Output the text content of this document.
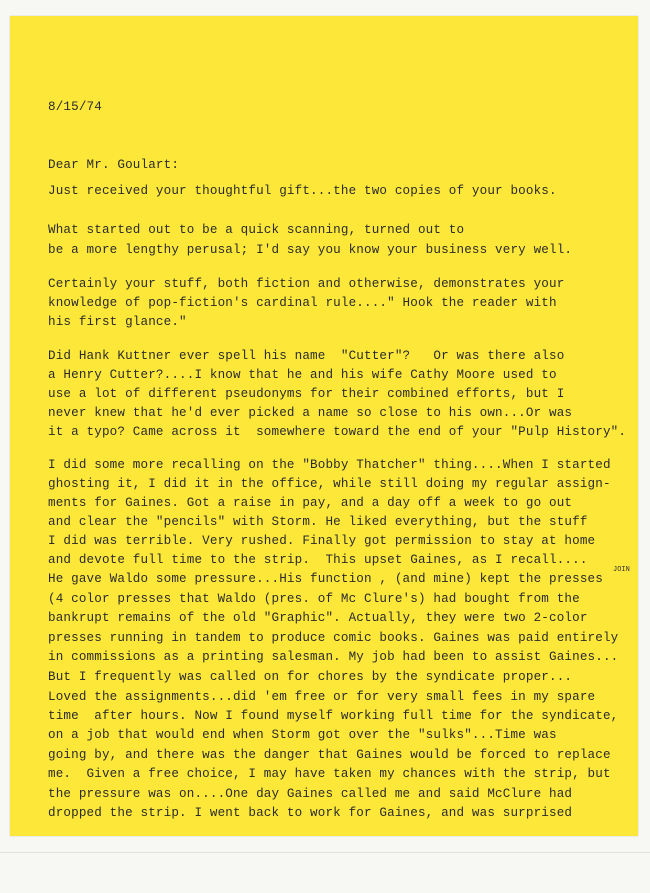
8/15/74
Dear Mr. Goulart:
Just received your thoughtful gift...the two copies of your books.
What started out to be a quick scanning, turned out to
be a more lengthy perusal; I'd say you know your business very well.
Certainly your stuff, both fiction and otherwise, demonstrates your
knowledge of pop-fiction's cardinal rule...." Hook the reader with
his first glance."
Did Hank Kuttner ever spell his name  "Cutter"?   Or was there also
a Henry Cutter?....I know that he and his wife Cathy Moore used to
use a lot of different pseudonyms for their combined efforts, but I
never knew that he'd ever picked a name so close to his own...Or was
it a typo? Came across it  somewhere toward the end of your "Pulp History".
I did some more recalling on the "Bobby Thatcher" thing....When I started
ghosting it, I did it in the office, while still doing my regular assign-
ments for Gaines. Got a raise in pay, and a day off a week to go out
and clear the "pencils" with Storm. He liked everything, but the stuff
I did was terrible. Very rushed. Finally got permission to stay at home
and devote full time to the strip.  This upset Gaines, as I recall....
He gave Waldo some pressure...His function , (and mine) kept the presses
(4 color presses that Waldo (pres. of Mc Clure's) had bought from the
bankrupt remains of the old "Graphic". Actually, they were two 2-color
presses running in tandem to produce comic books. Gaines was paid entirely
in commissions as a printing salesman. My job had been to assist Gaines...
But I frequently was called on for chores by the syndicate proper...
Loved the assignments...did 'em free or for very small fees in my spare
time  after hours. Now I found myself working full time for the syndicate,
on a job that would end when Storm got over the "sulks"...Time was
going by, and there was the danger that Gaines would be forced to replace
me.  Given a free choice, I may have taken my chances with the strip, but
the pressure was on....One day Gaines called me and said McClure had
dropped the strip. I went back to work for Gaines, and was surprised
JOIN
